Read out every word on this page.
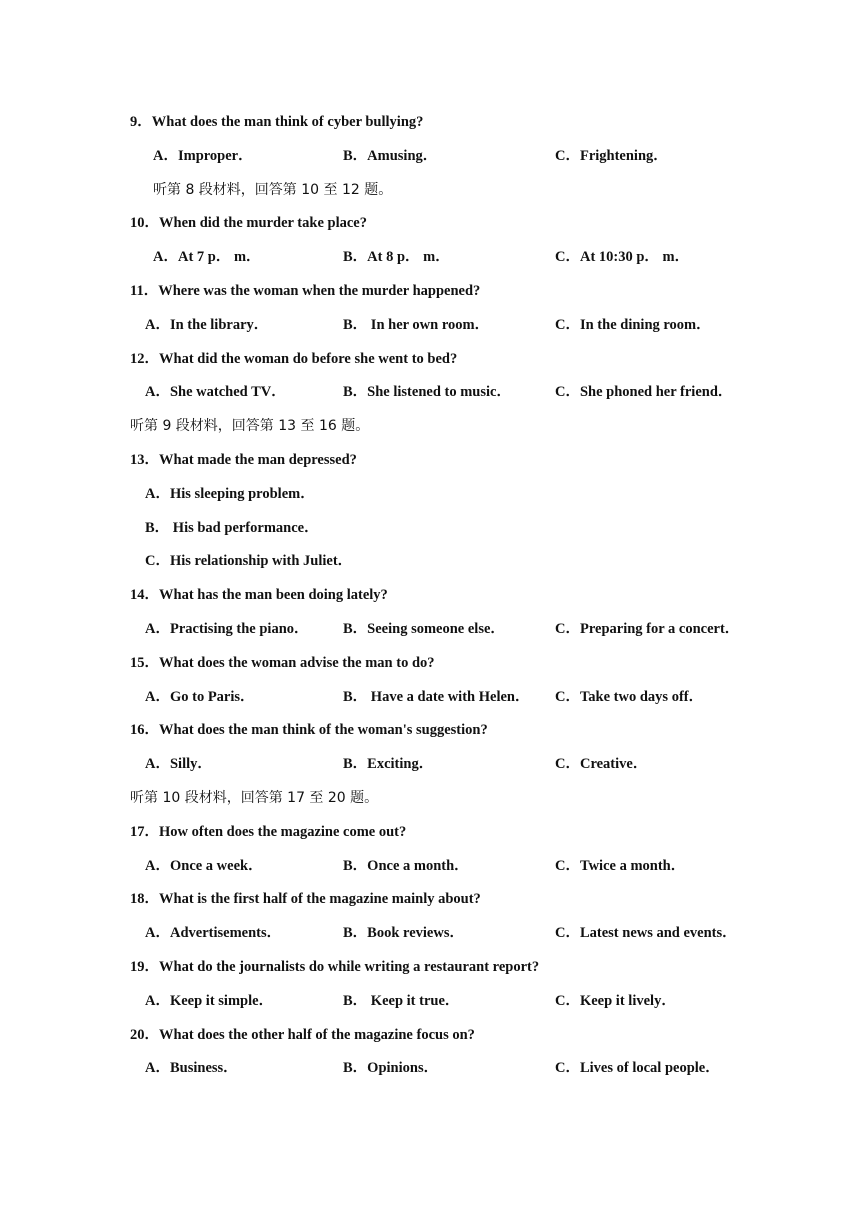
9．What does the man think of cyber bullying?
A．Improper．	B．Amusing．	C．Frightening．
听第 8 段材料，回答第 10 至 12 题。
10．When did the murder take place?
A．At 7 p． m．	B．At 8 p． m．	C．At 10:30 p． m．
11．Where was the woman when the murder happened?
A．In the library．	B． In her own room．	C．In the dining room．
12．What did the woman do before she went to bed?
A．She watched TV．	B．She listened to music．	C．She phoned her friend．
听第 9 段材料，回答第 13 至 16 题。
13．What made the man depressed?
A．His sleeping problem．
B． His bad performance．
C．His relationship with Juliet．
14．What has the man been doing lately?
A．Practising the piano． B．Seeing someone else．	C．Preparing for a concert．
15．What does the woman advise the man to do?
A．Go to Paris．	B． Have a date with Helen． C．Take two days off．
16．What does the man think of the woman's suggestion?
A．Silly．	B．Exciting．	C．Creative．
听第 10 段材料，回答第 17 至 20 题。
17．How often does the magazine come out?
A．Once a week．	B．Once a month．	C．Twice a month．
18．What is the first half of the magazine mainly about?
A．Advertisements．	B．Book reviews．	C．Latest news and events．
19．What do the journalists do while writing a restaurant report?
A．Keep it simple．	B． Keep it true．	C．Keep it lively．
20．What does the other half of the magazine focus on?
A．Business．	B．Opinions．	C．Lives of local people．
